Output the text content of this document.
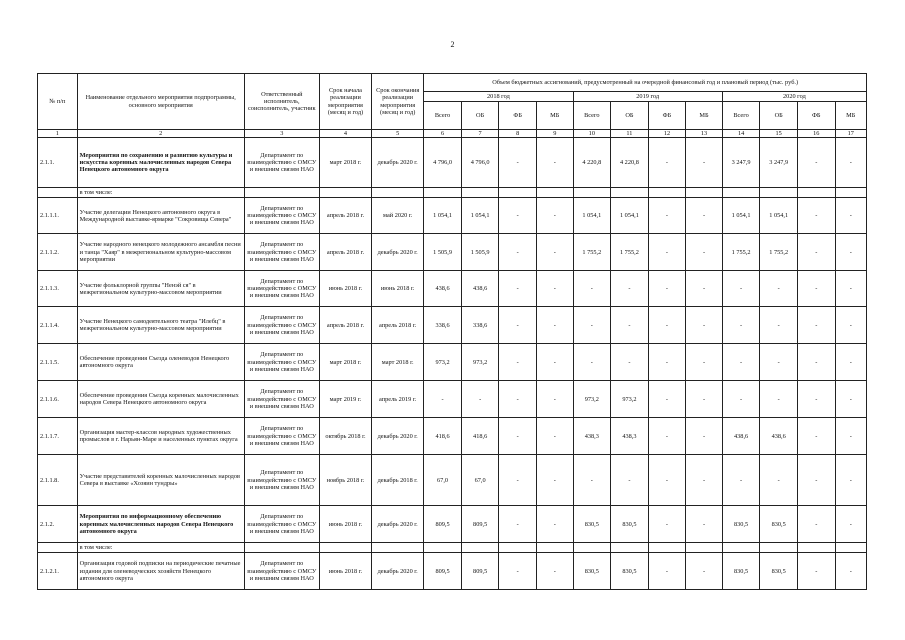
2
№ п/п	Наименование отдельного мероприятия подпрограммы, основного мероприятия	Ответственный исполнитель, соисполнитель, участник	Срок начала реализации мероприятия (месяц и год)	Срок окончания реализации мероприятия (месяц и год)	Объем бюджетных ассигнований, предусмотренный на очередной финансовый год и плановый период (тыс. руб.)											
					2018 год				2019 год				2020 год			
					Всего	ОБ	ФБ	МБ	Всего	ОБ	ФБ	МБ	Всего	ОБ	ФБ	МБ
1	2	3	4	5	6	7	8	9	10	11	12	13	14	15	16	17
2.1.1.	Мероприятия по сохранению и развитию культуры и искусства коренных малочисленных народов Севера Ненецкого автономного округа	Департамент по взаимодействию с ОМСУ и внешним связям НАО	март 2018 г.	декабрь 2020 г.	4 796,0	4 796,0	-	-	4 220,8	4 220,8	-	-	3 247,9	3 247,9	-	-
	в том числе:															
2.1.1.1.	Участие делегации Ненецкого автономного округа в Международной выставке-ярмарке "Сокровища Севера"	Департамент по взаимодействию с ОМСУ и внешним связям НАО	апрель 2018 г.	май 2020 г.	1 054,1	1 054,1	-	-	1 054,1	1 054,1	-	-	1 054,1	1 054,1	-	-
2.1.1.2.	Участие народного ненецкого молодежного ансамбля песни и танца "Хаяр" в межрегиональном культурно-массовом мероприятии	Департамент по взаимодействию с ОМСУ и внешним связям НАО	апрель 2018 г.	декабрь 2020 г.	1 505,9	1 505,9	-	-	1 755,2	1 755,2	-	-	1 755,2	1 755,2	-	-
2.1.1.3.	Участие фольклорной группы "Ненэй ся" в межрегиональном культурно-массовом мероприятии	Департамент по взаимодействию с ОМСУ и внешним связям НАО	июнь 2018 г.	июнь 2018 г.	438,6	438,6	-	-	-	-	-	-	-	-	-	-
2.1.1.4.	Участие Ненецкого самодеятельного театра "Илебц" в межрегиональном культурно-массовом мероприятии	Департамент по взаимодействию с ОМСУ и внешним связям НАО	апрель 2018 г.	апрель 2018 г.	338,6	338,6	-	-	-	-	-	-	-	-	-	-
2.1.1.5.	Обеспечение проведения Съезда оленеводов Ненецкого автономного округа	Департамент по взаимодействию с ОМСУ и внешним связям НАО	март 2018 г.	март 2018 г.	973,2	973,2	-	-	-	-	-	-	-	-	-	-
2.1.1.6.	Обеспечение проведения Съезда коренных малочисленных народов Севера Ненецкого автономного округа	Департамент по взаимодействию с ОМСУ и внешним связям НАО	март 2019 г.	апрель 2019 г.	-	-	-	-	973,2	973,2	-	-	-	-	-	-
2.1.1.7.	Организация мастер-классов народных художественных промыслов в г. Нарьян-Маре и населенных пунктах округа	Департамент по взаимодействию с ОМСУ и внешним связям НАО	октябрь 2018 г.	декабрь 2020 г.	418,6	418,6	-	-	438,3	438,3	-	-	438,6	438,6	-	-
2.1.1.8.	Участие представителей коренных малочисленных народов Севера в выставке «Хозяин тундры»	Департамент по взаимодействию с ОМСУ и внешним связям НАО	ноябрь 2018 г.	декабрь 2018 г.	67,0	67,0	-	-	-	-	-	-	-	-	-	-
2.1.2.	Мероприятия по информационному обеспечению коренных малочисленных народов Севера Ненецкого автономного округа	Департамент по взаимодействию с ОМСУ и внешним связям НАО	июнь 2018 г.	декабрь 2020 г.	809,5	809,5	-	-	830,5	830,5	-	-	830,5	830,5	-	-
	в том числе:															
2.1.2.1.	Организация годовой подписки на периодические печатные издания для оленеводческих хозяйств Ненецкого автономного округа	Департамент по взаимодействию с ОМСУ и внешним связям НАО	июнь 2018 г.	декабрь 2020 г.	809,5	809,5	-	-	830,5	830,5	-	-	830,5	830,5	-	-
